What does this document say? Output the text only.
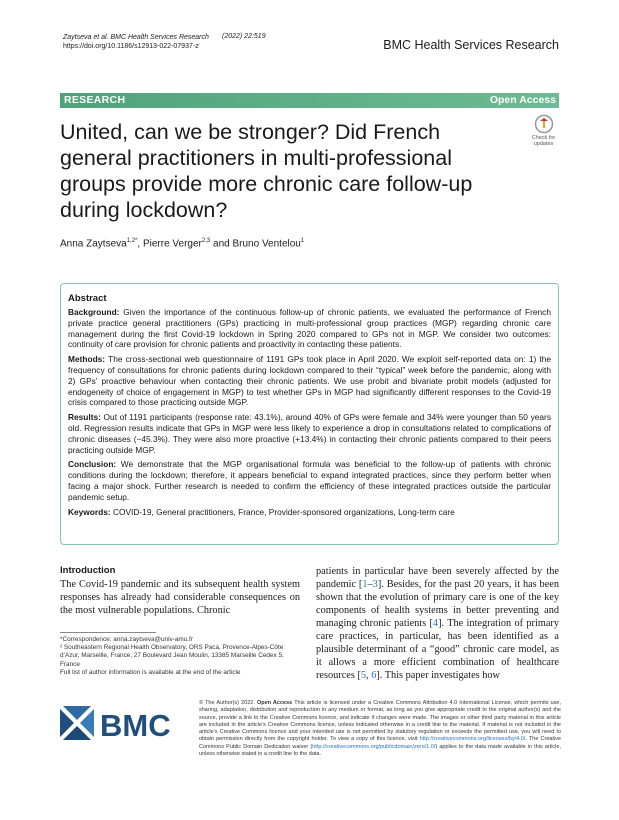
Zaytseva et al. BMC Health Services Research
https://doi.org/10.1186/s12913-022-07937-z
(2022) 22:519
BMC Health Services Research
RESEARCH	Open Access
Check for
updates
United, can we be stronger? Did French general practitioners in multi-professional groups provide more chronic care follow-up during lockdown?
Anna Zaytseva$^{1,2*}$, Pierre Verger$^{2,3}$ and Bruno Ventelou$^1$
Abstract

Background: Given the importance of the continuous follow-up of chronic patients, we evaluated the performance of French private practice general practitioners (GPs) practicing in multi-professional group practices (MGP) regarding chronic care management during the first Covid-19 lockdown in Spring 2020 compared to GPs not in MGP. We consider two outcomes: continuity of care provision for chronic patients and proactivity in contacting these patients.

Methods: The cross-sectional web questionnaire of 1191 GPs took place in April 2020. We exploit self-reported data on: 1) the frequency of consultations for chronic patients during lockdown compared to their “typical” week before the pandemic, along with 2) GPs’ proactive behaviour when contacting their chronic patients. We use probit and bivariate probit models (adjusted for endogeneity of choice of engagement in MGP) to test whether GPs in MGP had significantly different responses to the Covid-19 crisis compared to those practicing outside MGP.

Results: Out of 1191 participants (response rate: 43.1%), around 40% of GPs were female and 34% were younger than 50 years old. Regression results indicate that GPs in MGP were less likely to experience a drop in consultations related to complications of chronic diseases (−45.3%). They were also more proactive (+13.4%) in contacting their chronic patients compared to their peers practicing outside MGP.

Conclusion: We demonstrate that the MGP organisational formula was beneficial to the follow-up of patients with chronic conditions during the lockdown; therefore, it appears beneficial to expand integrated practices, since they perform better when facing a major shock. Further research is needed to confirm the efficiency of these integrated practices outside the particular pandemic setup.

Keywords: COVID-19, General practitioners, France, Provider-sponsored organizations, Long-term care

Introduction

The Covid-19 pandemic and its subsequent health system responses has already had considerable consequences on the most vulnerable populations. Chronic

patients in particular have been severely affected by the pandemic [1–3]. Besides, for the past 20 years, it has been shown that the evolution of primary care is one of the key components of health systems in better preventing and managing chronic patients [4]. The integration of primary care practices, in particular, has been identified as a plausible determinant of a “good” chronic care model, as it allows a more efficient combination of healthcare resources [5, 6]. This paper investigates how

*Correspondence: anna.zaytseva@univ-amu.fr

² Southeastern Regional Health Observatory, ORS Paca, Provence-Alpes-Côte d’Azur, Marseille, France, 27 Boulevard Jean Moulin, 13385 Marseille Cedex 5, France

Full list of author information is available at the end of the article

BMC
© The Author(s) 2022. Open Access This article is licensed under a Creative Commons Attribution 4.0 International License, which permits use, sharing, adaptation, distribution and reproduction in any medium or format, as long as you give appropriate credit to the original author(s) and the source, provide a link to the Creative Commons licence, and indicate if changes were made. The images or other third party material in this article are included in the article’s Creative Commons licence, unless indicated otherwise in a credit line to the material. If material is not included in the article’s Creative Commons licence and your intended use is not permitted by statutory regulation or exceeds the permitted use, you will need to obtain permission directly from the copyright holder. To view a copy of this licence, visit http://creativecommons.org/licenses/by/4.0/. The Creative Commons Public Domain Dedication waiver (http://creativecommons.org/publicdomain/zero/1.0/) applies to the data made available in this article, unless otherwise stated in a credit line to the data.
